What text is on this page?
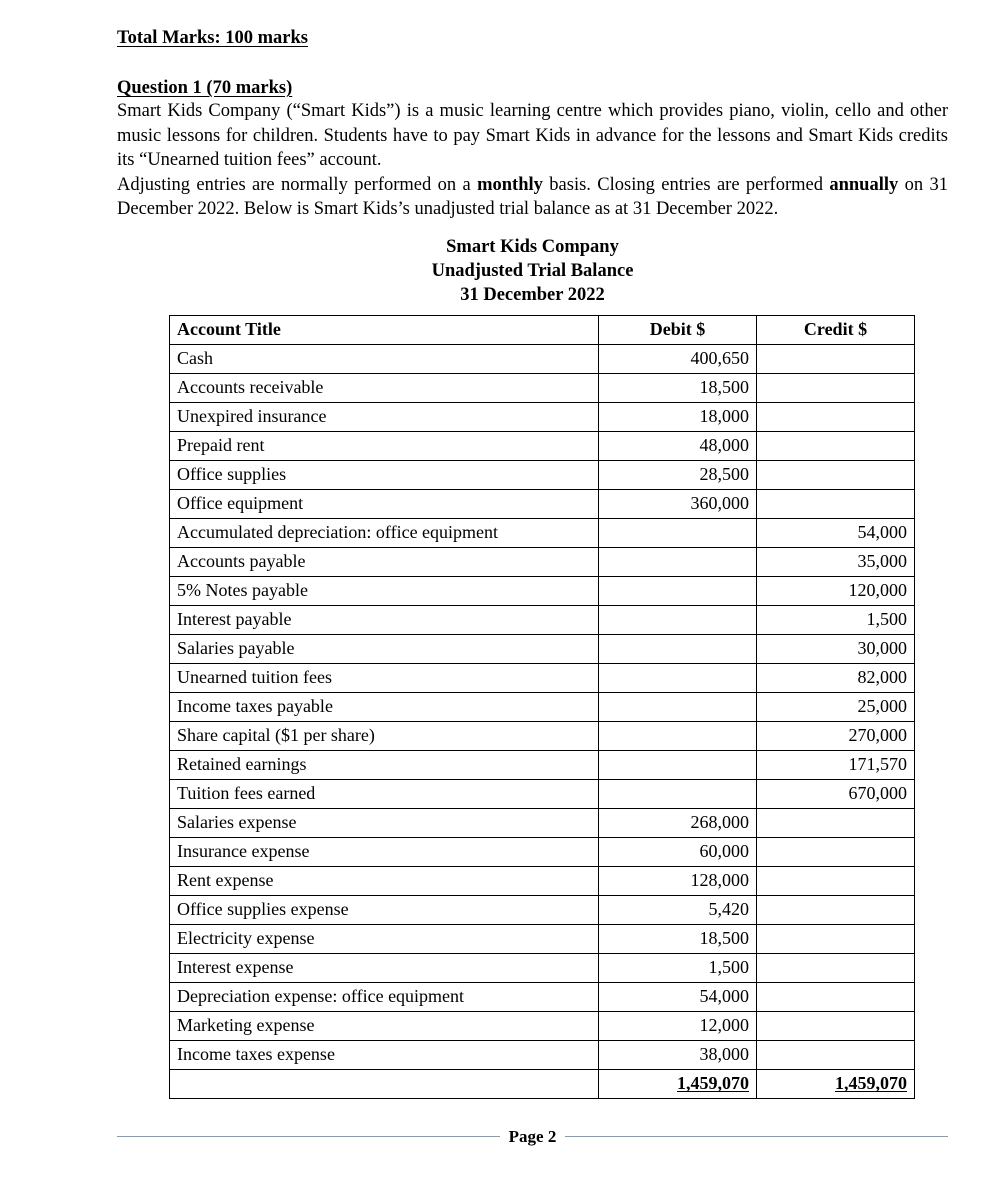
Total Marks: 100 marks
Question 1 (70 marks)

Smart Kids Company (“Smart Kids”) is a music learning centre which provides piano, violin, cello and other music lessons for children. Students have to pay Smart Kids in advance for the lessons and Smart Kids credits its “Unearned tuition fees” account.

Adjusting entries are normally performed on a monthly basis. Closing entries are performed annually on 31 December 2022. Below is Smart Kids’s unadjusted trial balance as at 31 December 2022.

Smart Kids Company
Unadjusted Trial Balance
31 December 2022
Account Title	Debit $	Credit $
Cash	400,650	
Accounts receivable	18,500	
Unexpired insurance	18,000	
Prepaid rent	48,000	
Office supplies	28,500	
Office equipment	360,000	
Accumulated depreciation: office equipment		54,000
Accounts payable		35,000
5% Notes payable		120,000
Interest payable		1,500
Salaries payable		30,000
Unearned tuition fees		82,000
Income taxes payable		25,000
Share capital ($1 per share)		270,000
Retained earnings		171,570
Tuition fees earned		670,000
Salaries expense	268,000	
Insurance expense	60,000	
Rent expense	128,000	
Office supplies expense	5,420	
Electricity expense	18,500	
Interest expense	1,500	
Depreciation expense: office equipment	54,000	
Marketing expense	12,000	
Income taxes expense	38,000	
	1,459,070	1,459,070
Page 2
